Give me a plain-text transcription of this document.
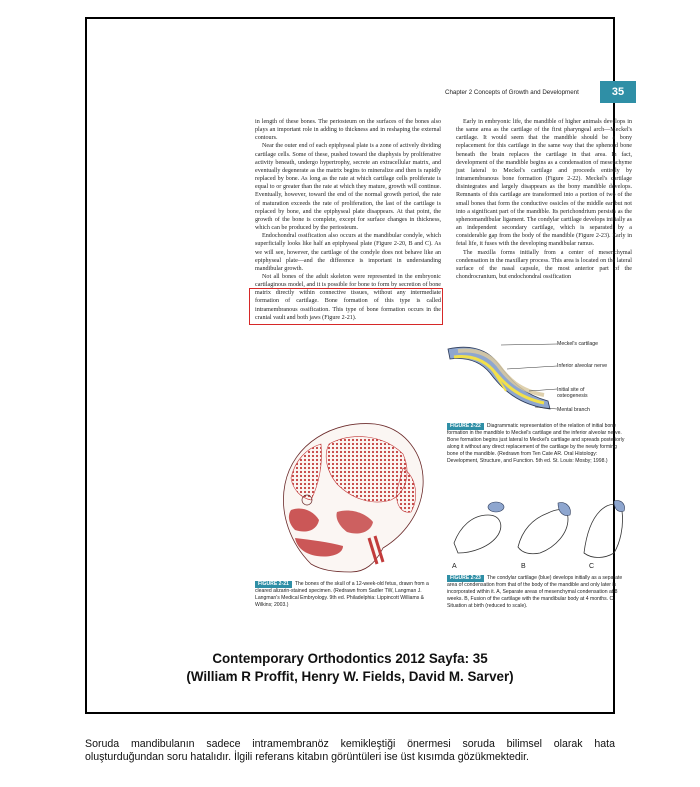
Chapter 2 Concepts of Growth and Development	35

in length of these bones. The periosteum on the surfaces of the bones also plays an important role in adding to thickness and in reshaping the external contours.

Near the outer end of each epiphyseal plate is a zone of actively dividing cartilage cells. Some of these, pushed toward the diaphysis by proliferative activity beneath, undergo hypertrophy, secrete an extracellular matrix, and eventually degenerate as the matrix begins to mineralize and then is rapidly replaced by bone. As long as the rate at which cartilage cells proliferate is equal to or greater than the rate at which they mature, growth will continue. Eventually, however, toward the end of the normal growth period, the rate of maturation exceeds the rate of proliferation, the last of the cartilage is replaced by bone, and the epiphyseal plate disappears. At that point, the growth of the bone is complete, except for surface changes in thickness, which can be produced by the periosteum.

Endochondral ossification also occurs at the mandibular condyle, which superficially looks like half an epiphyseal plate (Figure 2-20, B and C). As we will see, however, the cartilage of the condyle does not behave like an epiphyseal plate—and the difference is important in understanding mandibular growth.

Not all bones of the adult skeleton were represented in the embryonic cartilaginous model, and it is possible for bone to form by secretion of bone matrix directly within connective tissues, without any intermediate formation of cartilage. Bone formation of this type is called intramembranous ossification. This type of bone formation occurs in the cranial vault and both jaws (Figure 2-21).

Early in embryonic life, the mandible of higher animals develops in the same area as the cartilage of the first pharyngeal arch—Meckel's cartilage. It would seem that the mandible should be a bony replacement for this cartilage in the same way that the sphenoid bone beneath the brain replaces the cartilage in that area. In fact, development of the mandible begins as a condensation of mesenchyme just lateral to Meckel's cartilage and proceeds entirely by intramembranous bone formation (Figure 2-22). Meckel's cartilage disintegrates and largely disappears as the bony mandible develops. Remnants of this cartilage are transformed into a portion of two of the small bones that form the conductive ossicles of the middle ear but not into a significant part of the mandible. Its perichondrium persists as the sphenomandibular ligament. The condylar cartilage develops initially as an independent secondary cartilage, which is separated by a considerable gap from the body of the mandible (Figure 2-23). Early in fetal life, it fuses with the developing mandibular ramus.

The maxilla forms initially from a center of mesenchymal condensation in the maxillary process. This area is located on the lateral surface of the nasal capsule, the most anterior part of the chondrocranium, but endochondral ossification

Meckel's cartilage
Inferior alveolar nerve
Initial site of osteogenesis
Mental branch
FIGURE 2-22 Diagrammatic representation of the relation of initial bone formation in the mandible to Meckel's cartilage and the inferior alveolar nerve. Bone formation begins just lateral to Meckel's cartilage and spreads posteriorly along it without any direct replacement of the cartilage by the newly forming bone of the mandible. (Redrawn from Ten Cate AR. Oral Histology: Development, Structure, and Function. 5th ed. St. Louis: Mosby; 1998.)
FIGURE 2-21 The bones of the skull of a 12-week-old fetus, drawn from a cleared alizarin-stained specimen. (Redrawn from Sadler TW, Langman J. Langman's Medical Embryology. 9th ed. Philadelphia: Lippincott Williams & Wilkins; 2003.)
A	B	C
FIGURE 2-23 The condylar cartilage (blue) develops initially as a separate area of condensation from that of the body of the mandible and only later is incorporated within it. A, Separate areas of mesenchymal condensation at 8 weeks. B, Fusion of the cartilage with the mandibular body at 4 months. C, Situation at birth (reduced to scale).
Contemporary Orthodontics 2012 Sayfa: 35
(William R Proffit, Henry W. Fields, David M. Sarver)
Soruda mandibulanın sadece intramembranöz kemikleştiği önermesi soruda bilimsel olarak hata oluşturduğundan soru hatalıdır. İlgili referans kitabın görüntüleri ise üst kısımda gözükmektedir.
